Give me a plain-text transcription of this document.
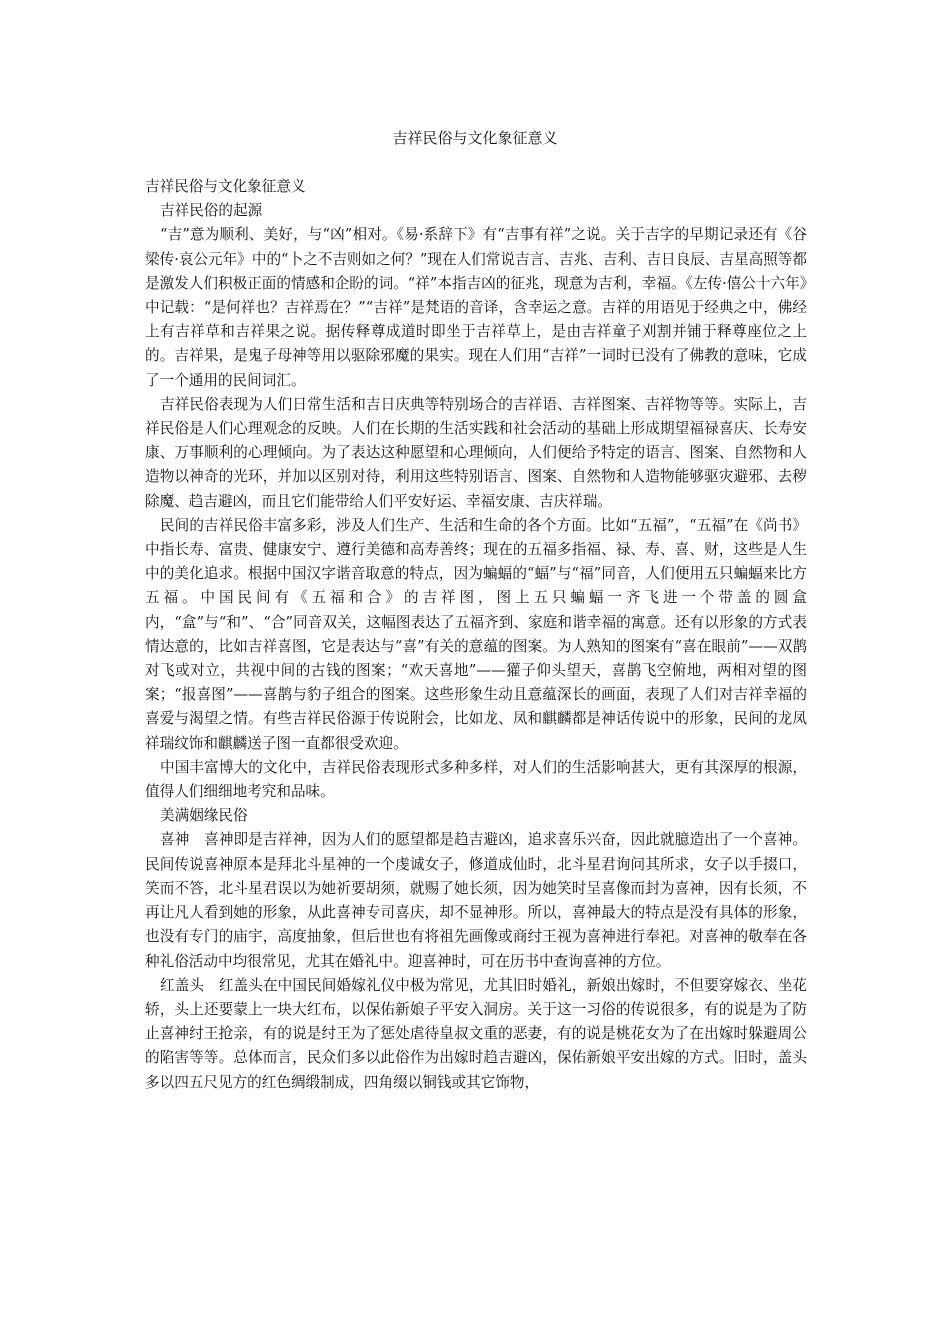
吉祥民俗与文化象征意义

吉祥民俗与文化象征意义

吉祥民俗的起源

“吉”意为顺利、美好，与“凶”相对。《易·系辞下》有“吉事有祥”之说。关于吉字的早期记录还有《谷梁传·哀公元年》中的“卜之不吉则如之何？”现在人们常说吉言、吉兆、吉利、吉日良辰、吉星高照等都是激发人们积极正面的情感和企盼的词。“祥”本指吉凶的征兆，现意为吉利，幸福。《左传·僖公十六年》中记载：“是何祥也？吉祥焉在？”“吉祥”是梵语的音译，含幸运之意。吉祥的用语见于经典之中，佛经上有吉祥草和吉祥果之说。据传释尊成道时即坐于吉祥草上，是由吉祥童子刈割并铺于释尊座位之上的。吉祥果，是鬼子母神等用以驱除邪魔的果实。现在人们用“吉祥”一词时已没有了佛教的意味，它成了一个通用的民间词汇。

吉祥民俗表现为人们日常生活和吉日庆典等特别场合的吉祥语、吉祥图案、吉祥物等等。实际上，吉祥民俗是人们心理观念的反映。人们在长期的生活实践和社会活动的基础上形成期望福禄喜庆、长寿安康、万事顺利的心理倾向。为了表达这种愿望和心理倾向，人们便给予特定的语言、图案、自然物和人造物以神奇的光环，并加以区别对待，利用这些特别语言、图案、自然物和人造物能够驱灾避邪、去秽除魔、趋吉避凶，而且它们能带给人们平安好运、幸福安康、吉庆祥瑞。

民间的吉祥民俗丰富多彩，涉及人们生产、生活和生命的各个方面。比如“五福”，“五福”在《尚书》中指长寿、富贵、健康安宁、遵行美德和高寿善终；现在的五福多指福、禄、寿、喜、财，这些是人生中的美化追求。根据中国汉字谐音取意的特点，因为蝙蝠的“蝠”与“福”同音，人们便用五只蝙蝠来比方五福。中国民间有《五福和合》的吉祥图，图上五只蝙蝠一齐飞进一个带盖的圆盒内，“盒”与“和”、“合”同音双关，这幅图表达了五福齐到、家庭和谐幸福的寓意。还有以形象的方式表情达意的，比如吉祥喜图，它是表达与“喜”有关的意蕴的图案。为人熟知的图案有“喜在眼前”——双鹊对飞或对立，共视中间的古钱的图案；“欢天喜地”——獾子仰头望天，喜鹊飞空俯地，两相对望的图案；“报喜图”——喜鹊与豹子组合的图案。这些形象生动且意蕴深长的画面，表现了人们对吉祥幸福的喜爱与渴望之情。有些吉祥民俗源于传说附会，比如龙、凤和麒麟都是神话传说中的形象，民间的龙凤祥瑞纹饰和麒麟送子图一直都很受欢迎。

中国丰富博大的文化中，吉祥民俗表现形式多种多样，对人们的生活影响甚大，更有其深厚的根源，值得人们细细地考究和品味。

美满姻缘民俗

喜神　喜神即是吉祥神，因为人们的愿望都是趋吉避凶，追求喜乐兴奋，因此就臆造出了一个喜神。民间传说喜神原本是拜北斗星神的一个虔诚女子，修道成仙时，北斗星君询问其所求，女子以手掇口，笑而不答，北斗星君误以为她祈要胡须，就赐了她长须，因为她笑时呈喜像而封为喜神，因有长须，不再让凡人看到她的形象，从此喜神专司喜庆，却不显神形。所以，喜神最大的特点是没有具体的形象，也没有专门的庙宇，高度抽象，但后世也有将祖先画像或商纣王视为喜神进行奉祀。对喜神的敬奉在各种礼俗活动中均很常见，尤其在婚礼中。迎喜神时，可在历书中查询喜神的方位。

红盖头　红盖头在中国民间婚嫁礼仪中极为常见，尤其旧时婚礼，新娘出嫁时，不但要穿嫁衣、坐花轿，头上还要蒙上一块大红布，以保佑新娘子平安入洞房。关于这一习俗的传说很多，有的说是为了防止喜神纣王抢亲，有的说是纣王为了惩处虐待皇叔文重的恶妻，有的说是桃花女为了在出嫁时躲避周公的陷害等等。总体而言，民众们多以此俗作为出嫁时趋吉避凶，保佑新娘平安出嫁的方式。旧时，盖头多以四五尺见方的红色绸缎制成，四角缀以铜钱或其它饰物，
